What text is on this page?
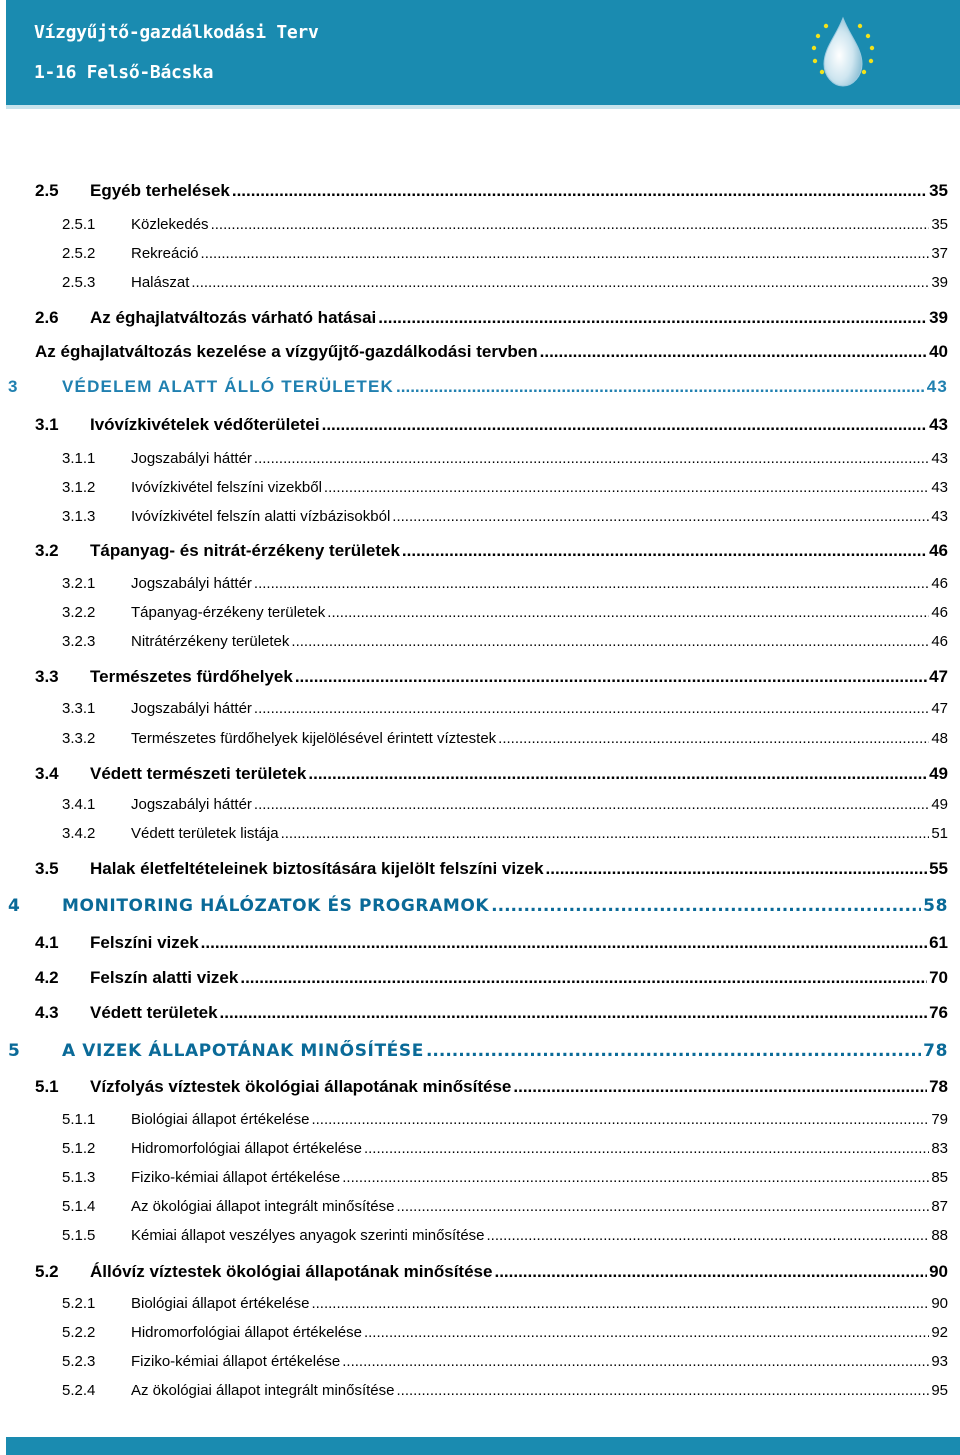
Vízgyűjtő-gazdálkodási Terv
1-16 Felső-Bácska
2.5 Egyéb terhelések .....	35
2.5.1 Közlekedés .....	35
2.5.2 Rekreáció .....	37
2.5.3 Halászat .....	39
2.6 Az éghajlatváltozás várható hatásai .....	39
Az éghajlatváltozás kezelése a vízgyűjtő-gazdálkodási tervben .....	40
3	VÉDELEM ALATT ÁLLÓ TERÜLETEK .....	43
3.1 Ivóvízkivételek védőterületei .....	43
3.1.1 Jogszabályi háttér .....	43
3.1.2 Ivóvízkivétel felszíni vizekből .....	43
3.1.3 Ivóvízkivétel felszín alatti vízbázisokból .....	43
3.2 Tápanyag- és nitrát-érzékeny területek .....	46
3.2.1 Jogszabályi háttér .....	46
3.2.2 Tápanyag-érzékeny területek .....	46
3.2.3 Nitrátérzékeny területek .....	46
3.3 Természetes fürdőhelyek .....	47
3.3.1 Jogszabályi háttér .....	47
3.3.2 Természetes fürdőhelyek kijelölésével érintett víztestek .....	48
3.4 Védett természeti területek .....	49
3.4.1 Jogszabályi háttér .....	49
3.4.2 Védett területek listája .....	51
3.5 Halak életfeltételeinek biztosítására kijelölt felszíni vizek .....	55
4 MONITORING HÁLÓZATOK ÉS PROGRAMOK .....	58
4.1 Felszíni vizek .....	61
4.2 Felszín alatti vizek .....	70
4.3 Védett területek .....	76
5 A VIZEK ÁLLAPOTÁNAK MINŐSÍTÉSE .....	78
5.1 Vízfolyás víztestek ökológiai állapotának minősítése .....	78
5.1.1 Biológiai állapot értékelése .....	79
5.1.2 Hidromorfológiai állapot értékelése .....	83
5.1.3 Fiziko-kémiai állapot értékelése .....	85
5.1.4 Az ökológiai állapot integrált minősítése .....	87
5.1.5 Kémiai állapot veszélyes anyagok szerinti minősítése .....	88
5.2 Állóvíz víztestek ökológiai állapotának minősítése .....	90
5.2.1 Biológiai állapot értékelése .....	90
5.2.2 Hidromorfológiai állapot értékelése .....	92
5.2.3 Fiziko-kémiai állapot értékelése .....	93
5.2.4 Az ökológiai állapot integrált minősítése .....	95
